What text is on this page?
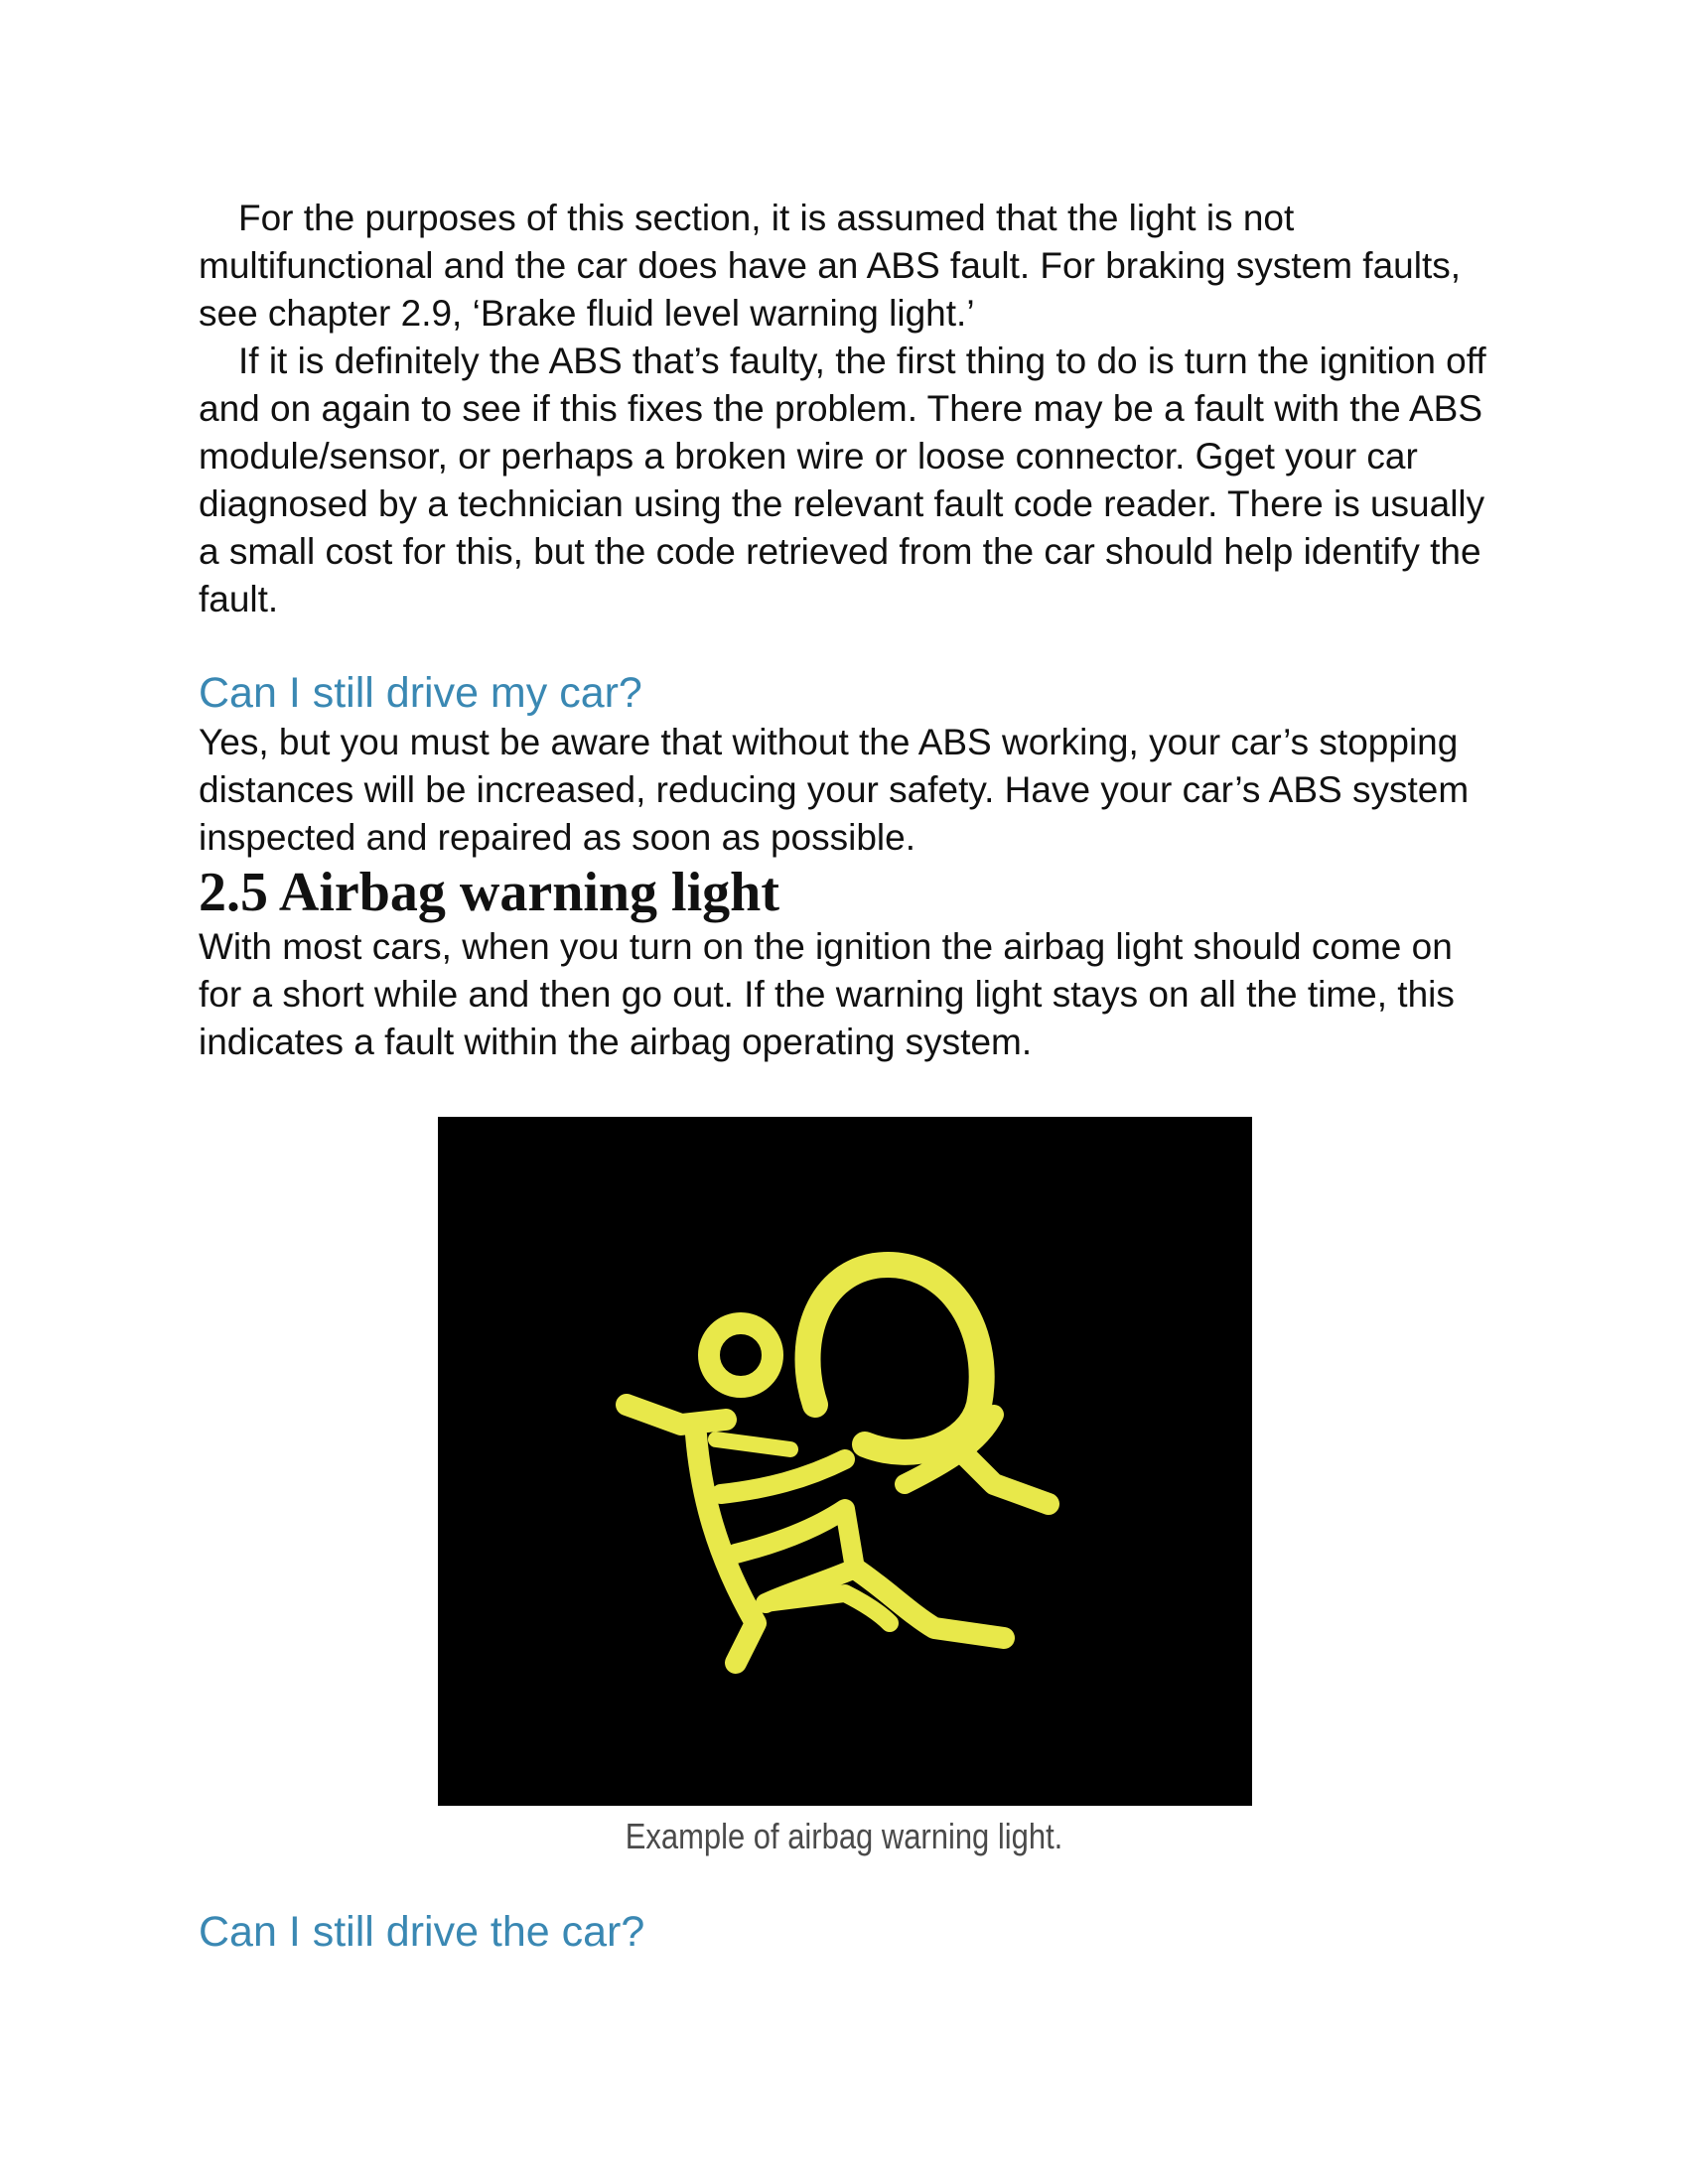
For the purposes of this section, it is assumed that the light is not multifunctional and the car does have an ABS fault. For braking system faults, see chapter 2.9, ‘Brake fluid level warning light.’

If it is definitely the ABS that’s faulty, the first thing to do is turn the ignition off and on again to see if this fixes the problem. There may be a fault with the ABS module/sensor, or perhaps a broken wire or loose connector. Gget your car diagnosed by a technician using the relevant fault code reader. There is usually a small cost for this, but the code retrieved from the car should help identify the fault.

Can I still drive my car?

Yes, but you must be aware that without the ABS working, your car’s stopping distances will be increased, reducing your safety. Have your car’s ABS system inspected and repaired as soon as possible.

2.5 Airbag warning light

With most cars, when you turn on the ignition the airbag light should come on for a short while and then go out. If the warning light stays on all the time, this indicates a fault within the airbag operating system.

Example of airbag warning light.
Can I still drive the car?
